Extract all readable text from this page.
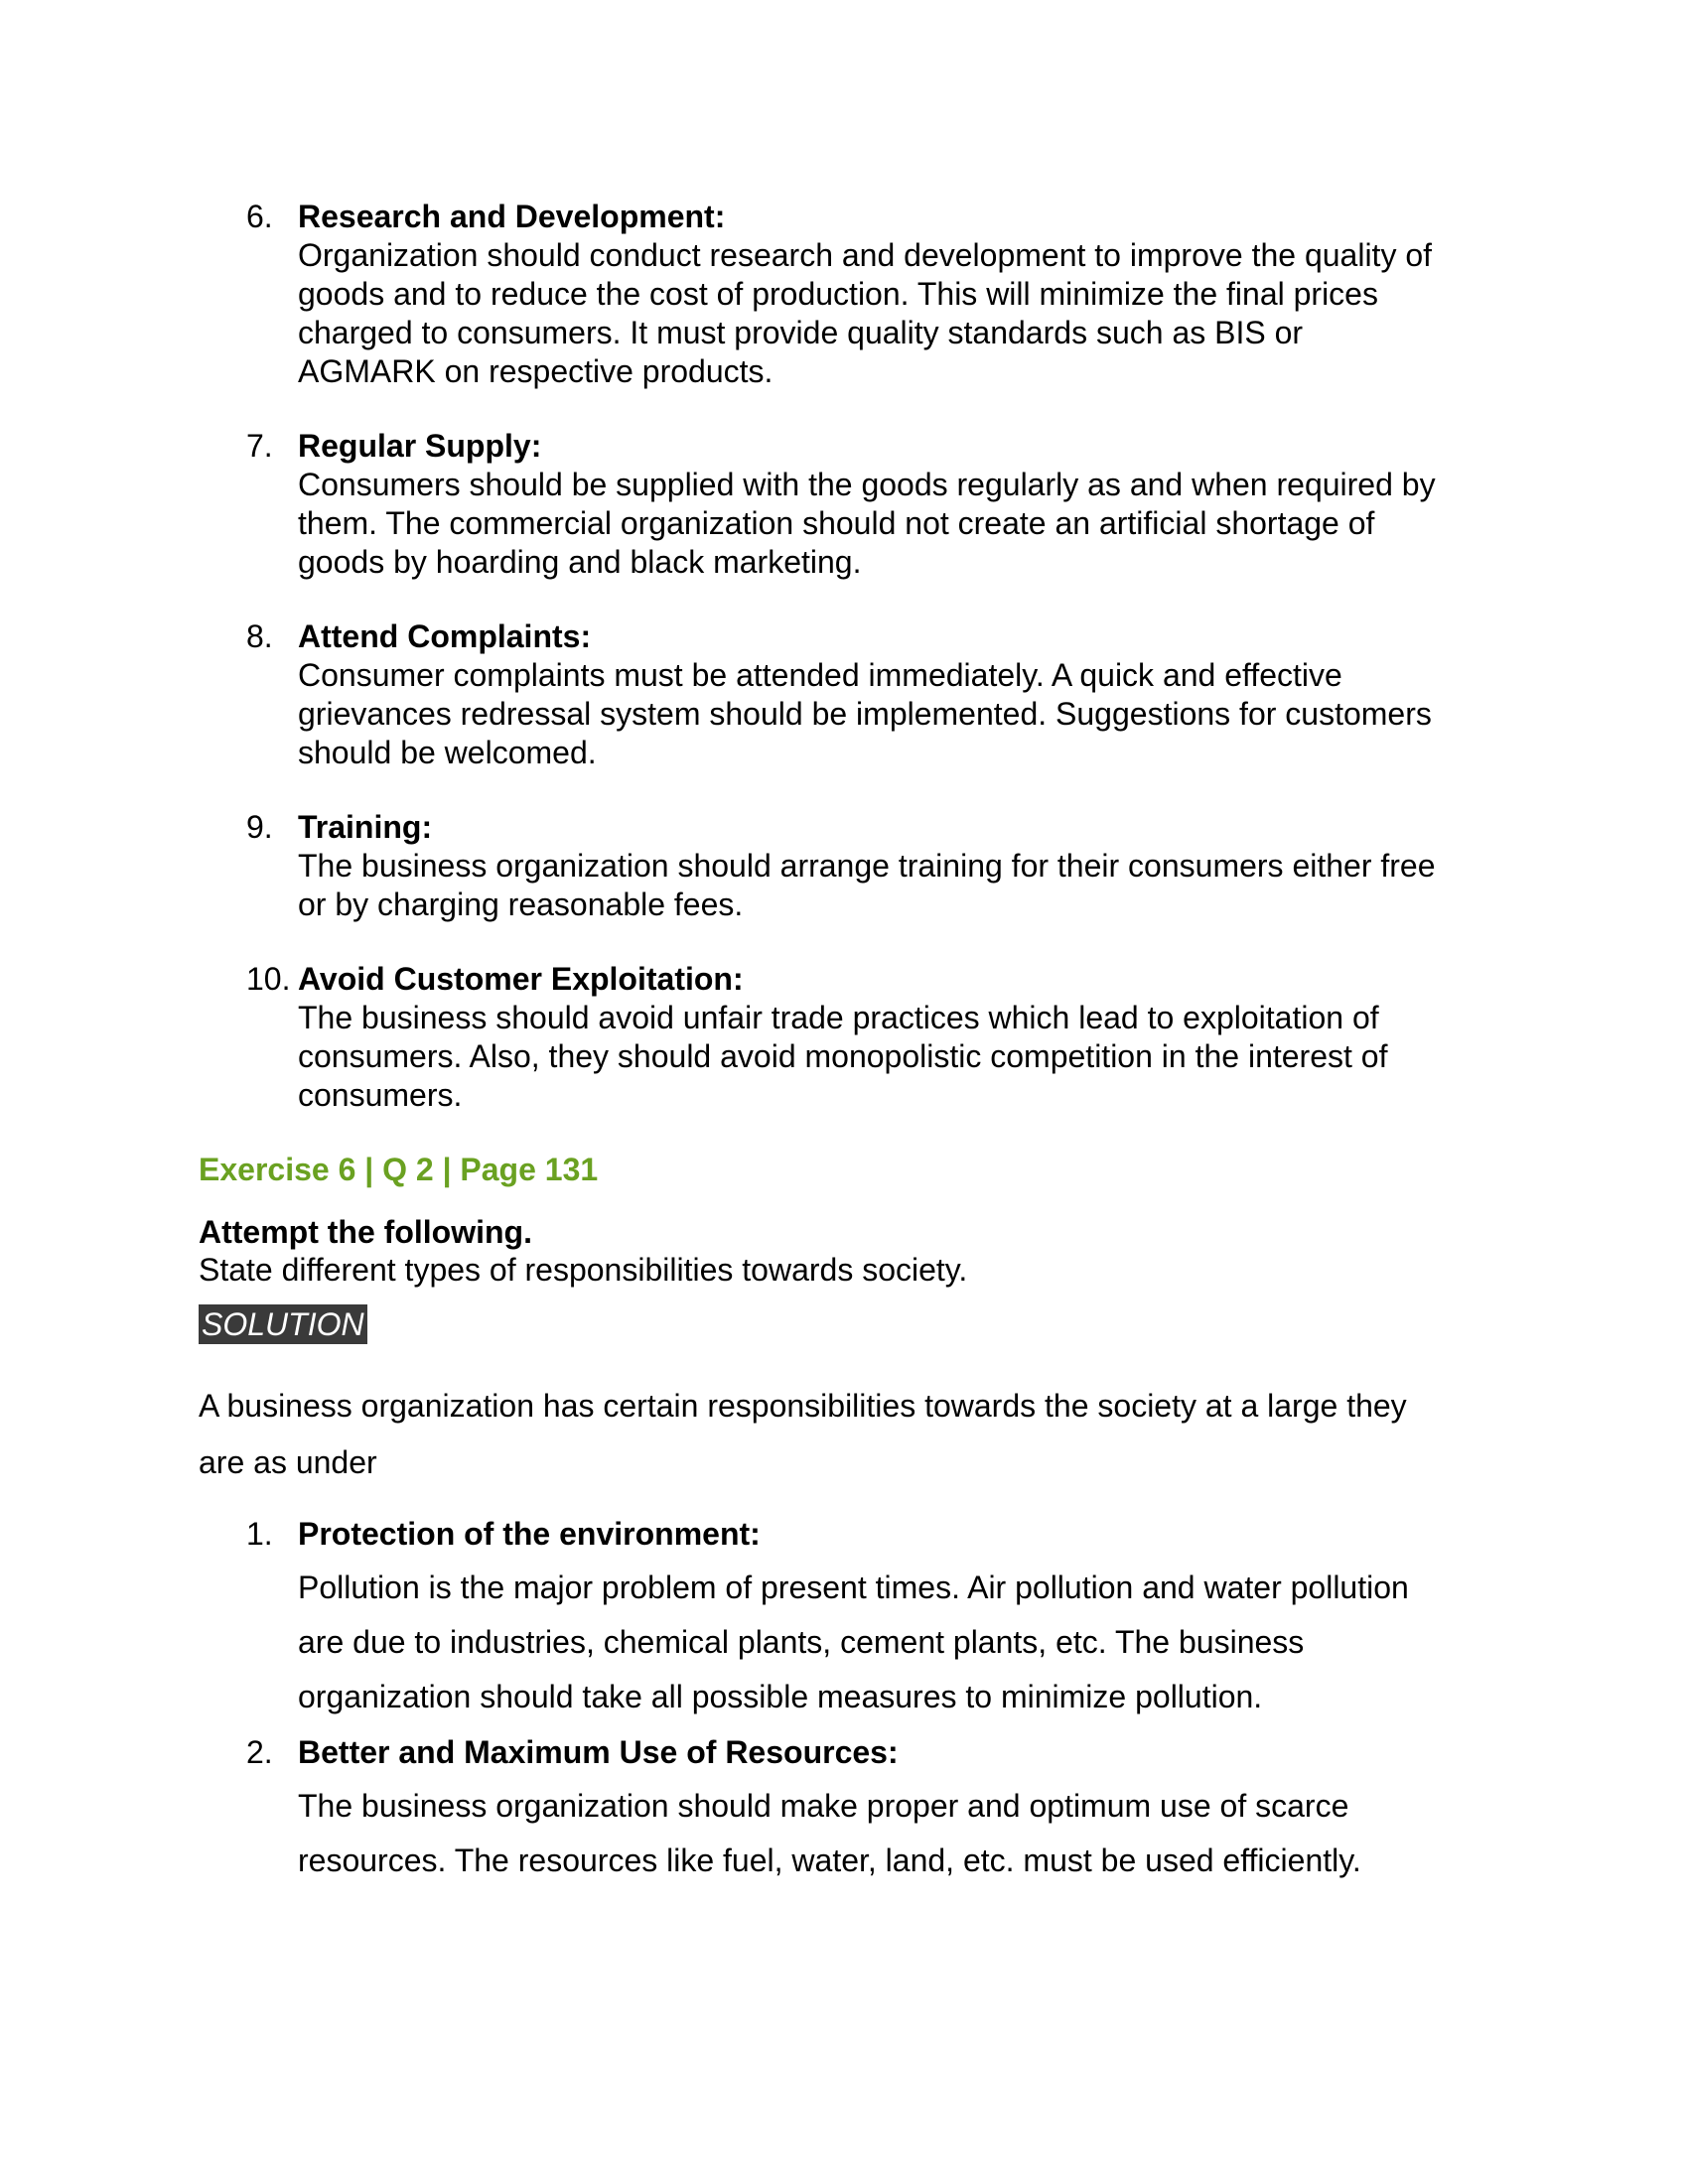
6. Research and Development:
Organization should conduct research and development to improve the quality of
goods and to reduce the cost of production. This will minimize the final prices
charged to consumers. It must provide quality standards such as BIS or
AGMARK on respective products.
7. Regular Supply:
Consumers should be supplied with the goods regularly as and when required by
them. The commercial organization should not create an artificial shortage of
goods by hoarding and black marketing.
8. Attend Complaints:
Consumer complaints must be attended immediately. A quick and effective
grievances redressal system should be implemented. Suggestions for customers
should be welcomed.
9. Training:
The business organization should arrange training for their consumers either free
or by charging reasonable fees.
10. Avoid Customer Exploitation:
The business should avoid unfair trade practices which lead to exploitation of
consumers. Also, they should avoid monopolistic competition in the interest of
consumers.
Exercise 6 | Q 2 | Page 131
Attempt the following.
State different types of responsibilities towards society.
SOLUTION
A business organization has certain responsibilities towards the society at a large they
are as under
1. Protection of the environment:
Pollution is the major problem of present times. Air pollution and water pollution
are due to industries, chemical plants, cement plants, etc. The business
organization should take all possible measures to minimize pollution.
2. Better and Maximum Use of Resources:
The business organization should make proper and optimum use of scarce
resources. The resources like fuel, water, land, etc. must be used efficiently.
